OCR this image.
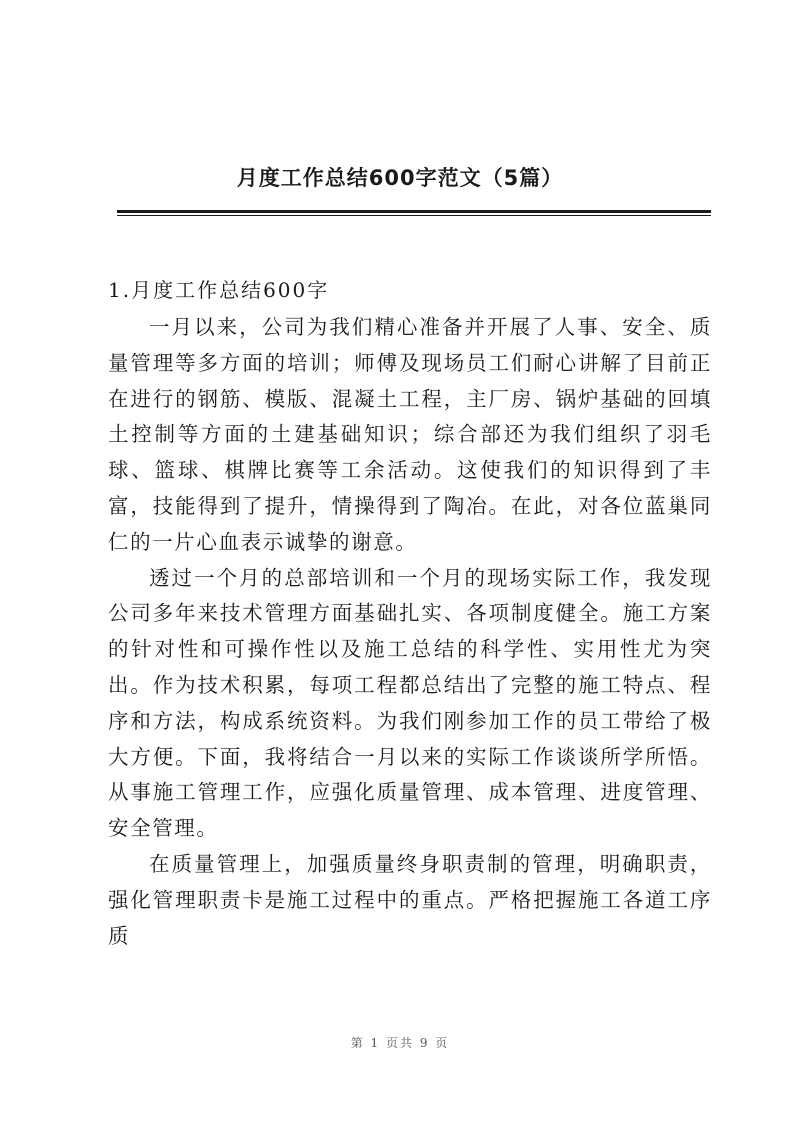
月度工作总结600字范文（5篇）
1.月度工作总结600字

一月以来，公司为我们精心准备并开展了人事、安全、质量管理等多方面的培训；师傅及现场员工们耐心讲解了目前正在进行的钢筋、模版、混凝土工程，主厂房、锅炉基础的回填土控制等方面的土建基础知识；综合部还为我们组织了羽毛球、篮球、棋牌比赛等工余活动。这使我们的知识得到了丰富，技能得到了提升，情操得到了陶冶。在此，对各位蓝巢同仁的一片心血表示诚挚的谢意。

透过一个月的总部培训和一个月的现场实际工作，我发现公司多年来技术管理方面基础扎实、各项制度健全。施工方案的针对性和可操作性以及施工总结的科学性、实用性尤为突出。作为技术积累，每项工程都总结出了完整的施工特点、程序和方法，构成系统资料。为我们刚参加工作的员工带给了极大方便。下面，我将结合一月以来的实际工作谈谈所学所悟。从事施工管理工作，应强化质量管理、成本管理、进度管理、安全管理。

在质量管理上，加强质量终身职责制的管理，明确职责，强化管理职责卡是施工过程中的重点。严格把握施工各道工序质

第 1 页共 9 页
